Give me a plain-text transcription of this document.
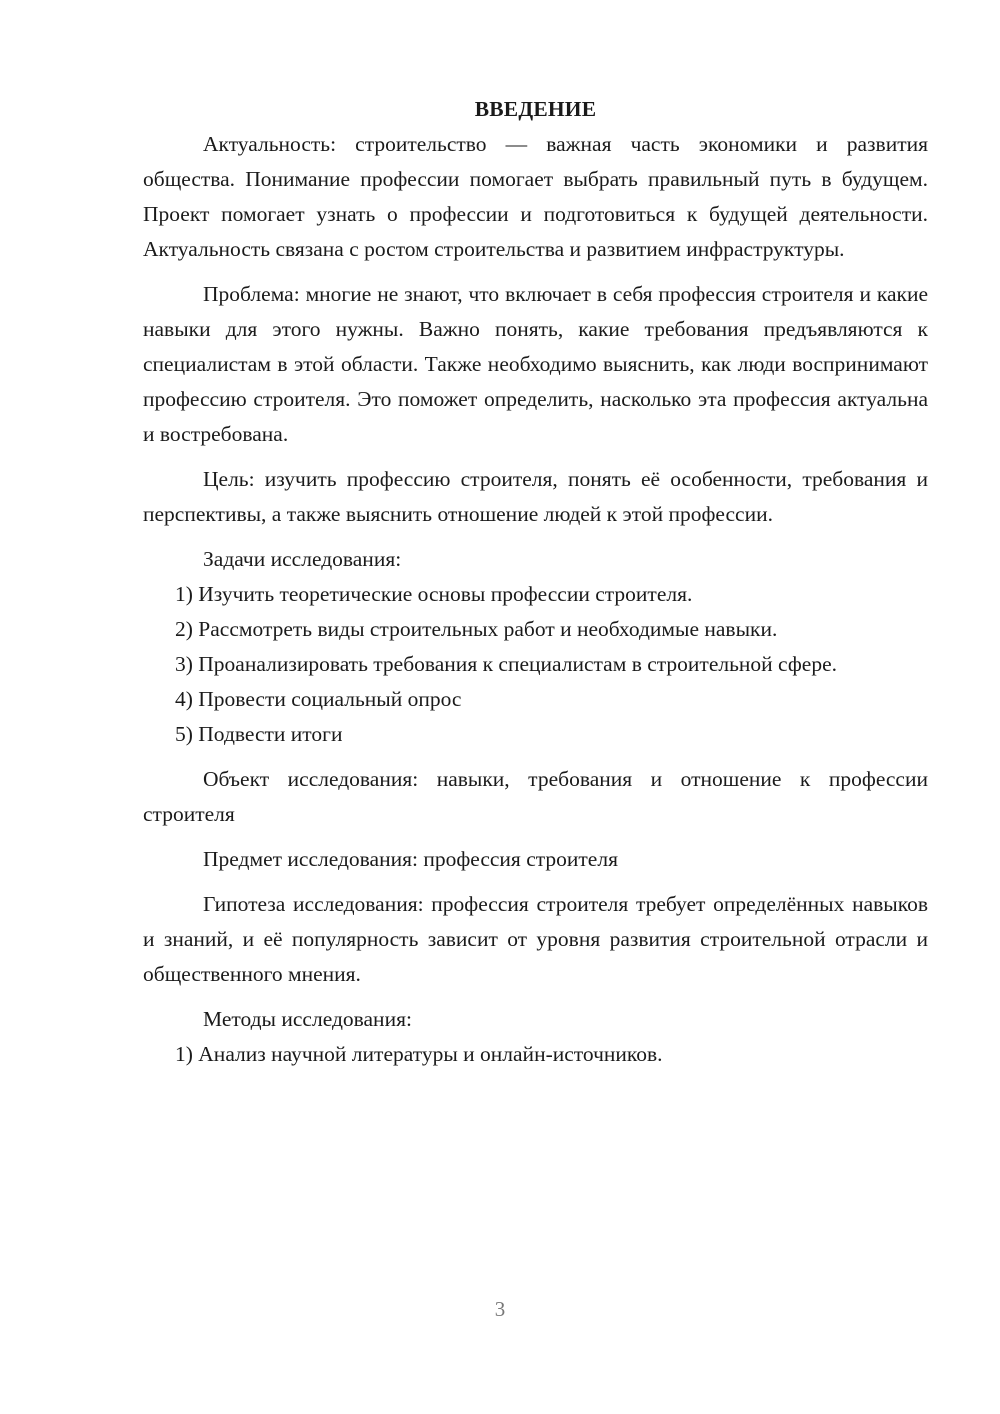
ВВЕДЕНИЕ

Актуальность: строительство — важная часть экономики и развития общества. Понимание профессии помогает выбрать правильный путь в будущем. Проект помогает узнать о профессии и подготовиться к будущей деятельности. Актуальность связана с ростом строительства и развитием инфраструктуры.

Проблема: многие не знают, что включает в себя профессия строителя и какие навыки для этого нужны. Важно понять, какие требования предъявляются к специалистам в этой области. Также необходимо выяснить, как люди воспринимают профессию строителя. Это поможет определить, насколько эта профессия актуальна и востребована.

Цель: изучить профессию строителя, понять её особенности, требования и перспективы, а также выяснить отношение людей к этой профессии.

Задачи исследования:

1) Изучить теоретические основы профессии строителя.

2) Рассмотреть виды строительных работ и необходимые навыки.

3) Проанализировать требования к специалистам в строительной сфере.

4) Провести социальный опрос

5) Подвести итоги

Объект исследования: навыки, требования и отношение к профессии строителя

Предмет исследования: профессия строителя

Гипотеза исследования: профессия строителя требует определённых навыков и знаний, и её популярность зависит от уровня развития строительной отрасли и общественного мнения.

Методы исследования:

1) Анализ научной литературы и онлайн-источников.

3
